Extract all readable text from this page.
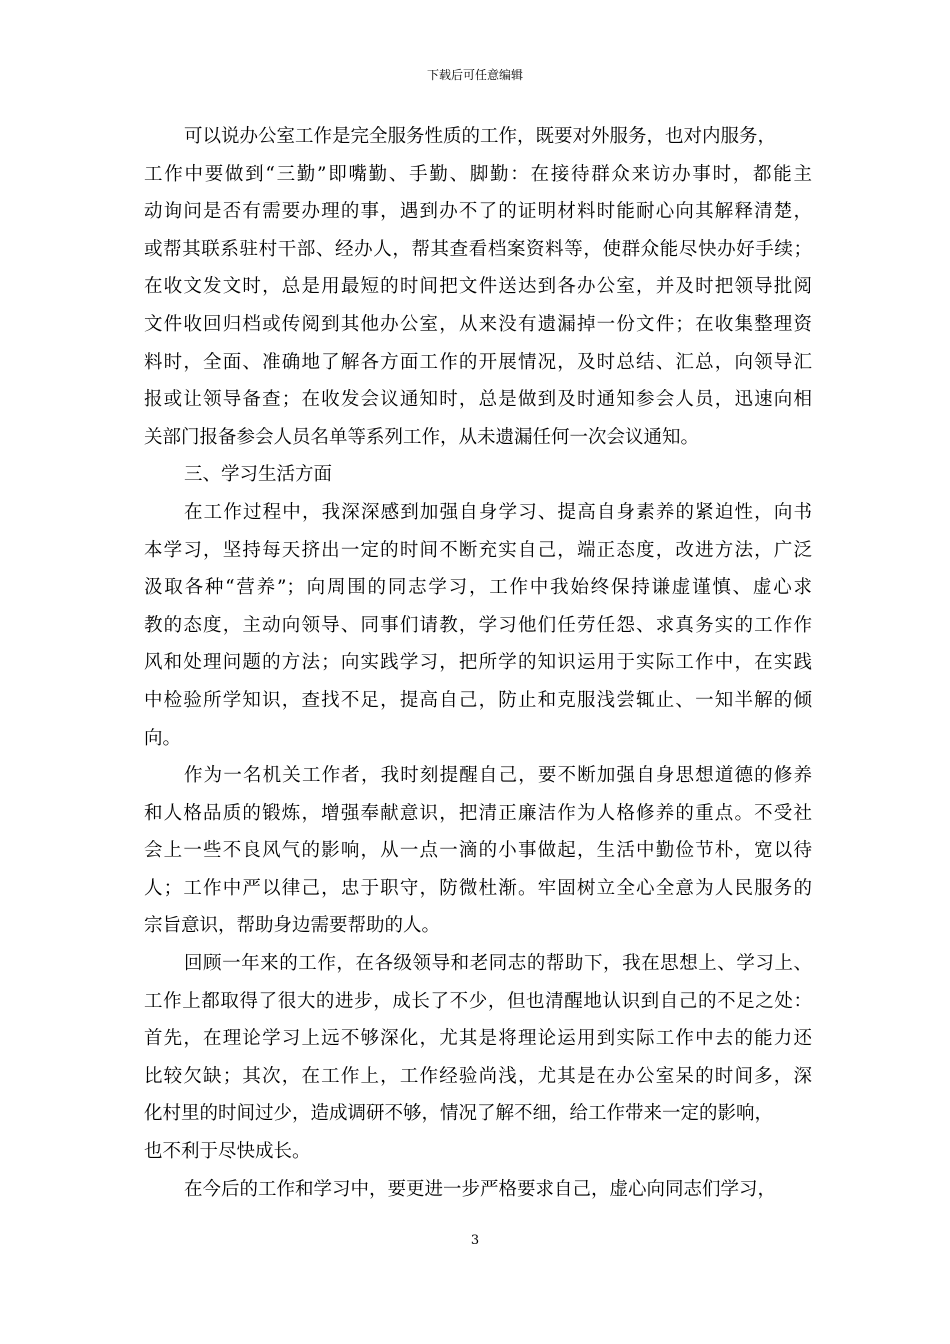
下载后可任意编辑
可以说办公室工作是完全服务性质的工作，既要对外服务，也对内服务，
工作中要做到“三勤”即嘴勤、手勤、脚勤：在接待群众来访办事时，都能主
动询问是否有需要办理的事，遇到办不了的证明材料时能耐心向其解释清楚，
或帮其联系驻村干部、经办人，帮其查看档案资料等，使群众能尽快办好手续；
在收文发文时，总是用最短的时间把文件送达到各办公室，并及时把领导批阅
文件收回归档或传阅到其他办公室，从来没有遗漏掉一份文件；在收集整理资
料时，全面、准确地了解各方面工作的开展情况，及时总结、汇总，向领导汇
报或让领导备查；在收发会议通知时，总是做到及时通知参会人员，迅速向相
关部门报备参会人员名单等系列工作，从未遗漏任何一次会议通知。
三、学习生活方面
在工作过程中，我深深感到加强自身学习、提高自身素养的紧迫性，向书
本学习，坚持每天挤出一定的时间不断充实自己，端正态度，改进方法，广泛
汲取各种“营养”；向周围的同志学习，工作中我始终保持谦虚谨慎、虚心求
教的态度，主动向领导、同事们请教，学习他们任劳任怨、求真务实的工作作
风和处理问题的方法；向实践学习，把所学的知识运用于实际工作中，在实践
中检验所学知识，查找不足，提高自己，防止和克服浅尝辄止、一知半解的倾
向。
作为一名机关工作者，我时刻提醒自己，要不断加强自身思想道德的修养
和人格品质的锻炼，增强奉献意识，把清正廉洁作为人格修养的重点。不受社
会上一些不良风气的影响，从一点一滴的小事做起，生活中勤俭节朴，宽以待
人；工作中严以律己，忠于职守，防微杜渐。牢固树立全心全意为人民服务的
宗旨意识，帮助身边需要帮助的人。
回顾一年来的工作，在各级领导和老同志的帮助下，我在思想上、学习上、
工作上都取得了很大的进步，成长了不少，但也清醒地认识到自己的不足之处：
首先，在理论学习上远不够深化，尤其是将理论运用到实际工作中去的能力还
比较欠缺；其次，在工作上，工作经验尚浅，尤其是在办公室呆的时间多，深
化村里的时间过少，造成调研不够，情况了解不细，给工作带来一定的影响，
也不利于尽快成长。
在今后的工作和学习中，要更进一步严格要求自己，虚心向同志们学习，
3
